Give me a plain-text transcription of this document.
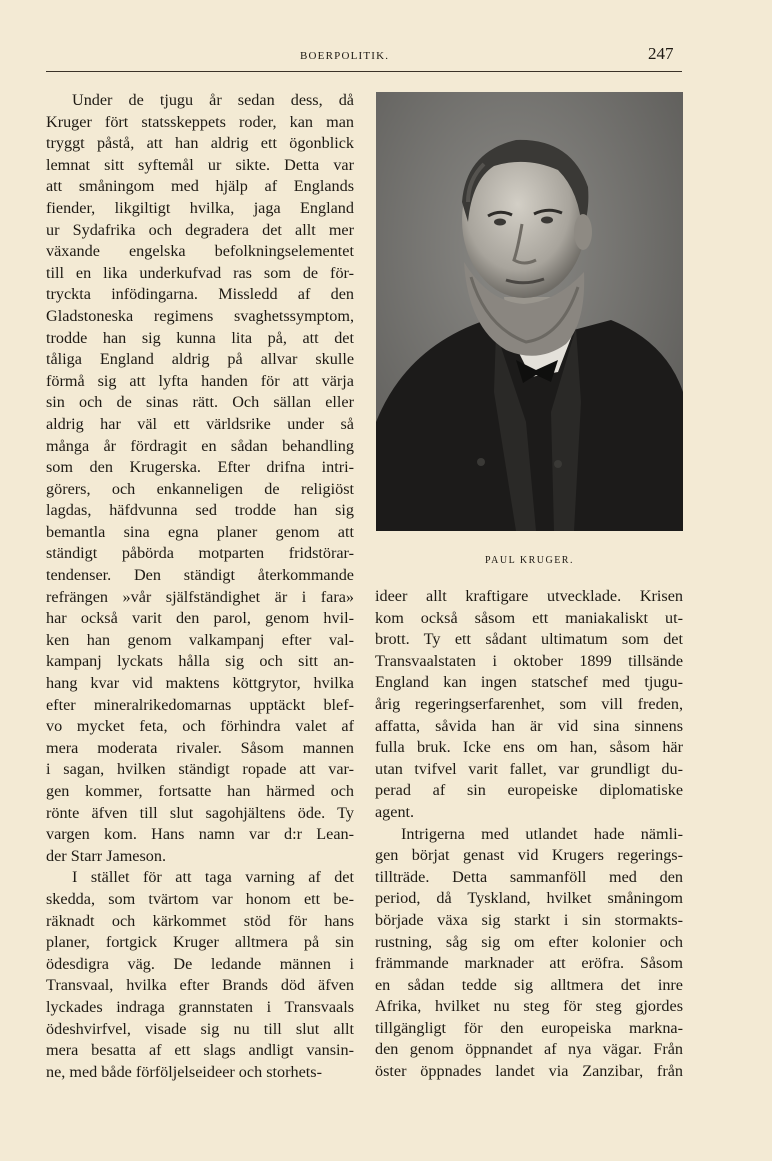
BOERPOLITIK.	247
Under de tjugu år sedan dess, då
Kruger fört statsskeppets roder, kan man
tryggt påstå, att han aldrig ett ögonblick
lemnat sitt syftemål ur sikte. Detta var
att småningom med hjälp af Englands
fiender, likgiltigt hvilka, jaga England
ur Sydafrika och degradera det allt mer
växande engelska befolkningselementet
till en lika underkufvad ras som de för-
tryckta infödingarna. Missledd af den
Gladstoneska regimens svaghetssymptom,
trodde han sig kunna lita på, att det
tåliga England aldrig på allvar skulle
förmå sig att lyfta handen för att värja
sin och de sinas rätt. Och sällan eller
aldrig har väl ett världsrike under så
många år fördragit en sådan behandling
som den Krugerska. Efter drifna intri-
görers, och enkanneligen de religiöst
lagdas, häfdvunna sed trodde han sig
bemantla sina egna planer genom att
ständigt påbörda motparten fridstörar-
tendenser. Den ständigt återkommande
refrängen »vår själfständighet är i fara»
har också varit den parol, genom hvil-
ken han genom valkampanj efter val-
kampanj lyckats hålla sig och sitt an-
hang kvar vid maktens köttgrytor, hvilka
efter mineralrikedomarnas upptäckt blef-
vo mycket feta, och förhindra valet af
mera moderata rivaler. Såsom mannen
i sagan, hvilken ständigt ropade att var-
gen kommer, fortsatte han härmed och
rönte äfven till slut sagohjältens öde. Ty
vargen kom. Hans namn var d:r Lean-
der Starr Jameson.
I stället för att taga varning af det
skedda, som tvärtom var honom ett be-
räknadt och kärkommet stöd för hans
planer, fortgick Kruger alltmera på sin
ödesdigra väg. De ledande männen i
Transvaal, hvilka efter Brands död äfven
lyckades indraga grannstaten i Transvaals
ödeshvirfvel, visade sig nu till slut allt
mera besatta af ett slags andligt vansin-
ne, med både förföljelseideer och storhets-
PAUL KRUGER.
ideer allt kraftigare utvecklade. Krisen
kom också såsom ett maniakaliskt ut-
brott. Ty ett sådant ultimatum som det
Transvaalstaten i oktober 1899 tillsände
England kan ingen statschef med tjugu-
årig regeringserfarenhet, som vill freden,
affatta, såvida han är vid sina sinnens
fulla bruk. Icke ens om han, såsom här
utan tvifvel varit fallet, var grundligt du-
perad af sin europeiske diplomatiske
agent.
Intrigerna med utlandet hade nämli-
gen börjat genast vid Krugers regerings-
tillträde. Detta sammanföll med den
period, då Tyskland, hvilket småningom
började växa sig starkt i sin stormakts-
rustning, såg sig om efter kolonier och
främmande marknader att eröfra. Såsom
en sådan tedde sig alltmera det inre
Afrika, hvilket nu steg för steg gjordes
tillgängligt för den europeiska markna-
den genom öppnandet af nya vägar. Från
öster öppnades landet via Zanzibar, från
